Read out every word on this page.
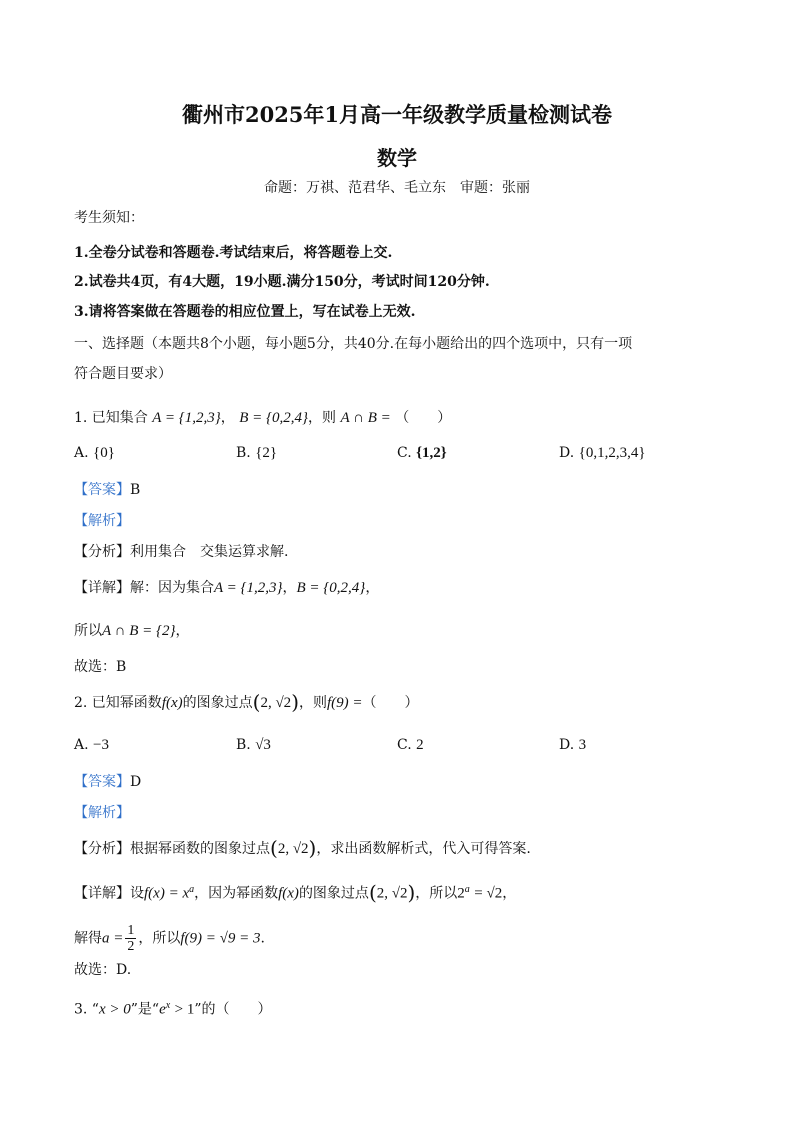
衢州市2025年1月高一年级教学质量检测试卷
数学
命题：万祺、范君华、毛立东　审题：张丽
考生须知：
1.全卷分试卷和答题卷.考试结束后，将答题卷上交.
2.试卷共4页，有4大题，19小题.满分150分，考试时间120分钟.
3.请将答案做在答题卷的相应位置上，写在试卷上无效.
一、选择题（本题共8个小题，每小题5分，共40分.在每小题给出的四个选项中，只有一项
符合题目要求）
1. 已知集合 A = {1,2,3}， B = {0,2,4}，则 A ∩ B = （　　）
A. {0}	B. {2}	C. {1,2}	D. {0,1,2,3,4}
【答案】B
【解析】
【分析】利用集合　交集运算求解.
【详解】解：因为集合A = {1,2,3}，B = {0,2,4}，
所以A ∩ B = {2}，
故选：B
2. 已知幂函数f(x)的图象过点(2, √2)，则f(9) =（　　）
A. −3	B. √3	C. 2	D. 3
【答案】D
【解析】
【分析】根据幂函数的图象过点(2, √2)，求出函数解析式，代入可得答案.
【详解】设$f(x) = x^a$，因为幂函数f(x)的图象过点(2, √2)，所以$2^a = √2$，
解得$a = \frac{1}{2}$ ，所以f(9) = √9 = 3.
故选：D.
3. “x > 0”是“$e^x > 1$”的（　　）
